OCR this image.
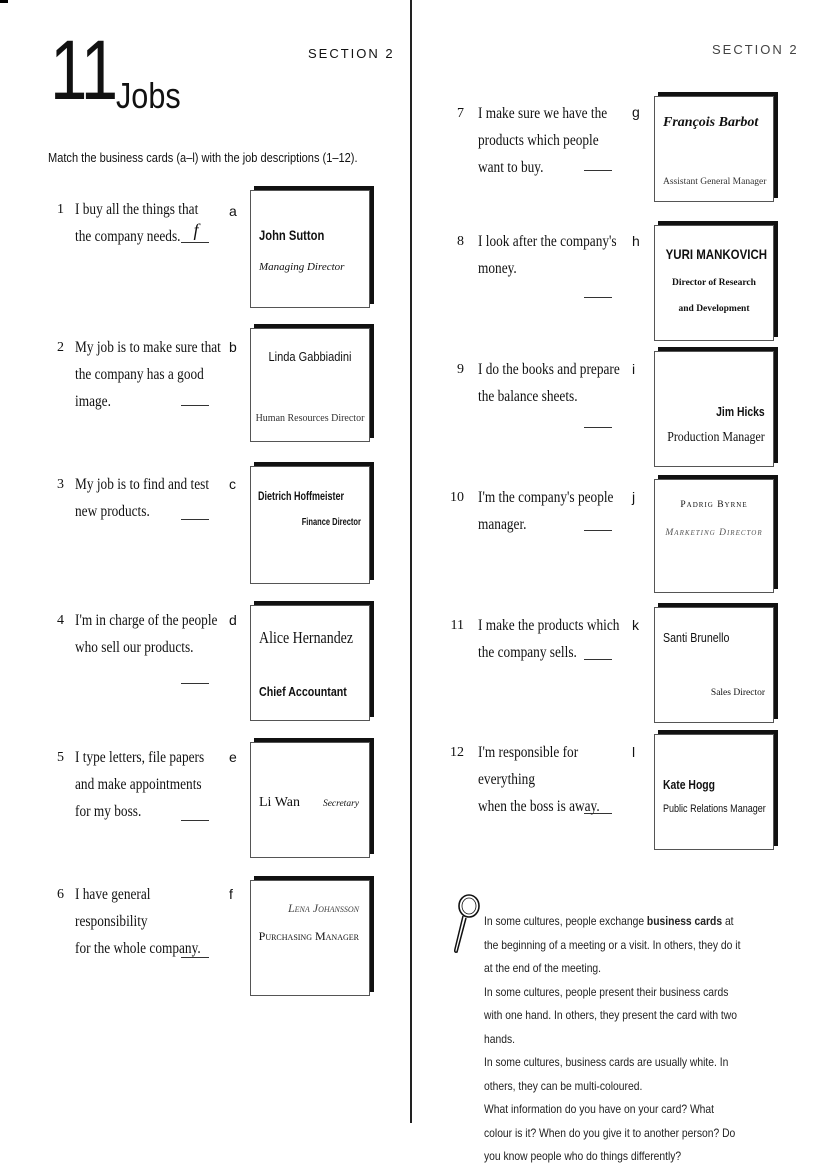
11 Jobs
SECTION 2	SECTION 2
Match the business cards (a–l) with the job descriptions (1–12).
1 I buy all the things that
the company needs. f
2 My job is to make sure that
the company has a good
image.
3 My job is to find and test
new products.
4 I'm in charge of the people
who sell our products.
5 I type letters, file papers
and make appointments
for my boss.
6 I have general responsibility
for the whole company.
7 I make sure we have the
products which people
want to buy.
8 I look after the company's
money.
9 I do the books and prepare
the balance sheets.
10 I'm the company's people
manager.
11 I make the products which
the company sells.
12 I'm responsible for everything
when the boss is away.
a
b
c
d
e
f
g
h
i
j
k
l
John Sutton
Managing Director
Linda Gabbiadini
Human Resources Director
Dietrich Hoffmeister
Finance Director
Alice Hernandez
Chief Accountant
Li Wan Secretary
Lena Johansson
Purchasing Manager
François Barbot
Assistant General Manager
YURI MANKOVICH
Director of Research
and Development
Jim Hicks
Production Manager
Padrig Byrne
Marketing Director
Santi Brunello
Sales Director
Kate Hogg
Public Relations Manager
In some cultures, people exchange business cards at the beginning of a meeting or a visit. In others, they do it at the end of the meeting.
In some cultures, people present their business cards with one hand. In others, they present the card with two hands.
In some cultures, business cards are usually white. In others, they can be multi-coloured.
What information do you have on your card? What colour is it? When do you give it to another person? Do you know people who do things differently?
